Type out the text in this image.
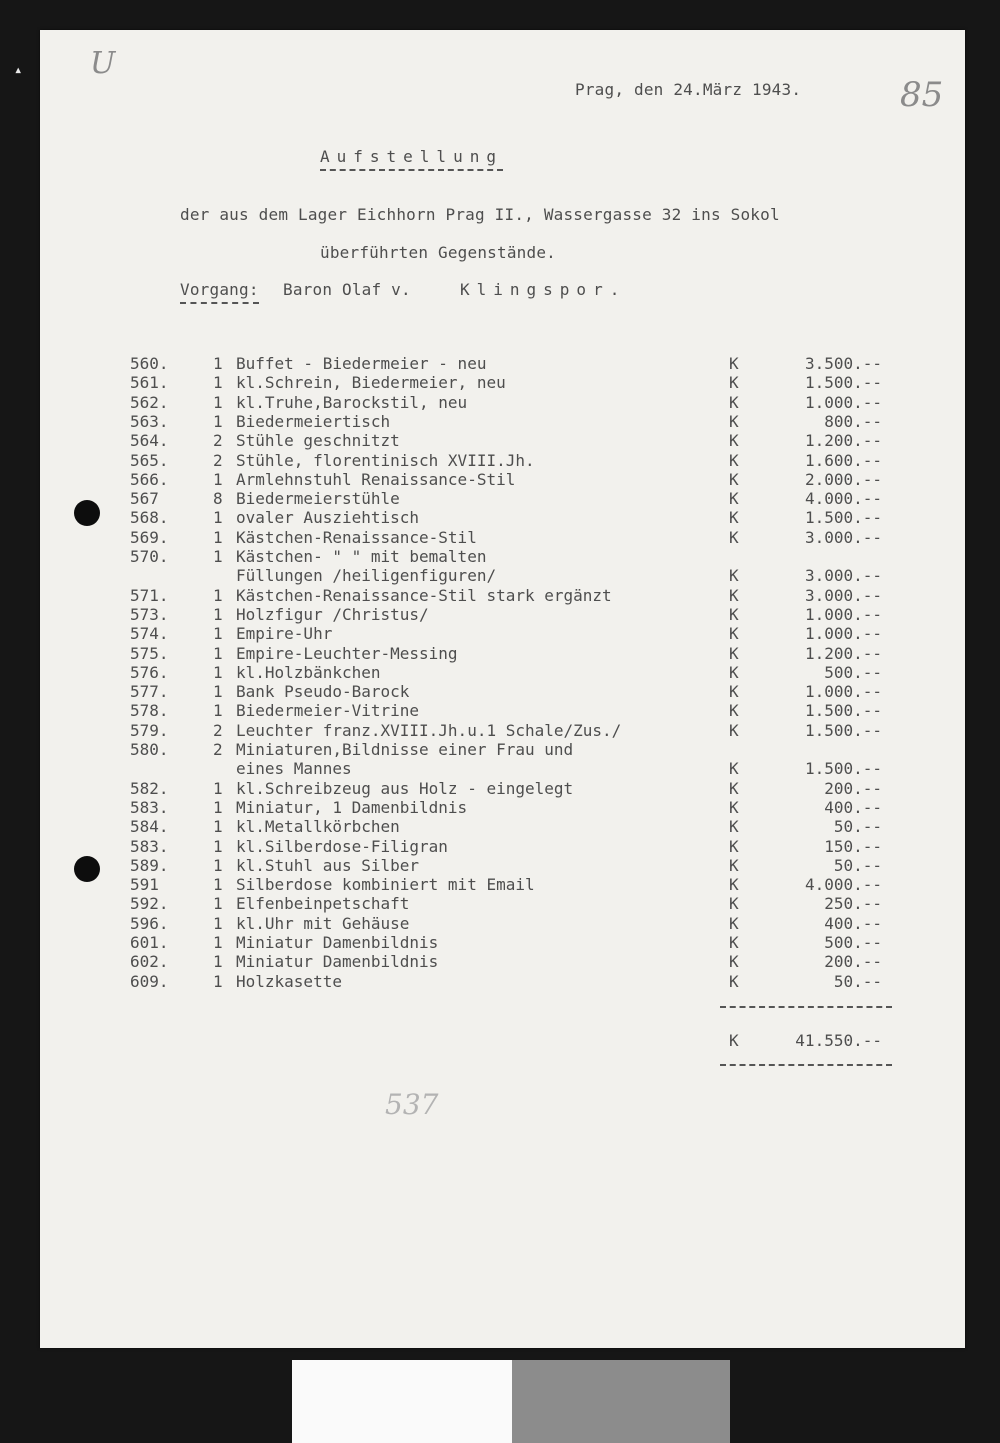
U
Prag, den 24.März 1943.	85
Aufstellung
der aus dem Lager Eichhorn Prag II., Wassergasse 32 ins Sokol
überführten Gegenstände.
Vorgang: Baron Olaf v.	Klingspor.
560.	1 Buffet - Biedermeier - neu	K	3.500.--
561.	1 kl.Schrein, Biedermeier, neu	K	1.500.--
562.	1 kl.Truhe,Barockstil, neu	K	1.000.--
563.	1 Biedermeiertisch	K	800.--
564.	2 Stühle geschnitzt	K	1.200.--
565.	2 Stühle, florentinisch XVIII.Jh.	K	1.600.--
566.	1 Armlehnstuhl Renaissance-Stil	K	2.000.--
567	8 Biedermeierstühle	K	4.000.--
568.	1 ovaler Ausziehtisch	K	1.500.--
569.	1 Kästchen-Renaissance-Stil	K	3.000.--
570.	1 Kästchen- " " mit bemalten
Füllungen /heiligenfiguren/	K	3.000.--
571.	1 Kästchen-Renaissance-Stil stark ergänzt	K	3.000.--
573.	1 Holzfigur /Christus/	K	1.000.--
574.	1 Empire-Uhr	K	1.000.--
575.	1 Empire-Leuchter-Messing	K	1.200.--
576.	1 kl.Holzbänkchen	K	500.--
577.	1 Bank Pseudo-Barock	K	1.000.--
578.	1 Biedermeier-Vitrine	K	1.500.--
579.	2 Leuchter franz.XVIII.Jh.u.1 Schale/Zus./	K	1.500.--
580.	2 Miniaturen,Bildnisse einer Frau und
eines Mannes	K	1.500.--
582.	1 kl.Schreibzeug aus Holz - eingelegt	K	200.--
583.	1 Miniatur, 1 Damenbildnis	K	400.--
584.	1 kl.Metallkörbchen	K	50.--
583.	1 kl.Silberdose-Filigran	K	150.--
589.	1 kl.Stuhl aus Silber	K	50.--
591	1 Silberdose kombiniert mit Email	K	4.000.--
592.	1 Elfenbeinpetschaft	K	250.--
596.	1 kl.Uhr mit Gehäuse	K	400.--
601.	1 Miniatur Damenbildnis	K	500.--
602.	1 Miniatur Damenbildnis	K	200.--
609.	1 Holzkasette	K	50.--
K	41.550.--
537
▴
